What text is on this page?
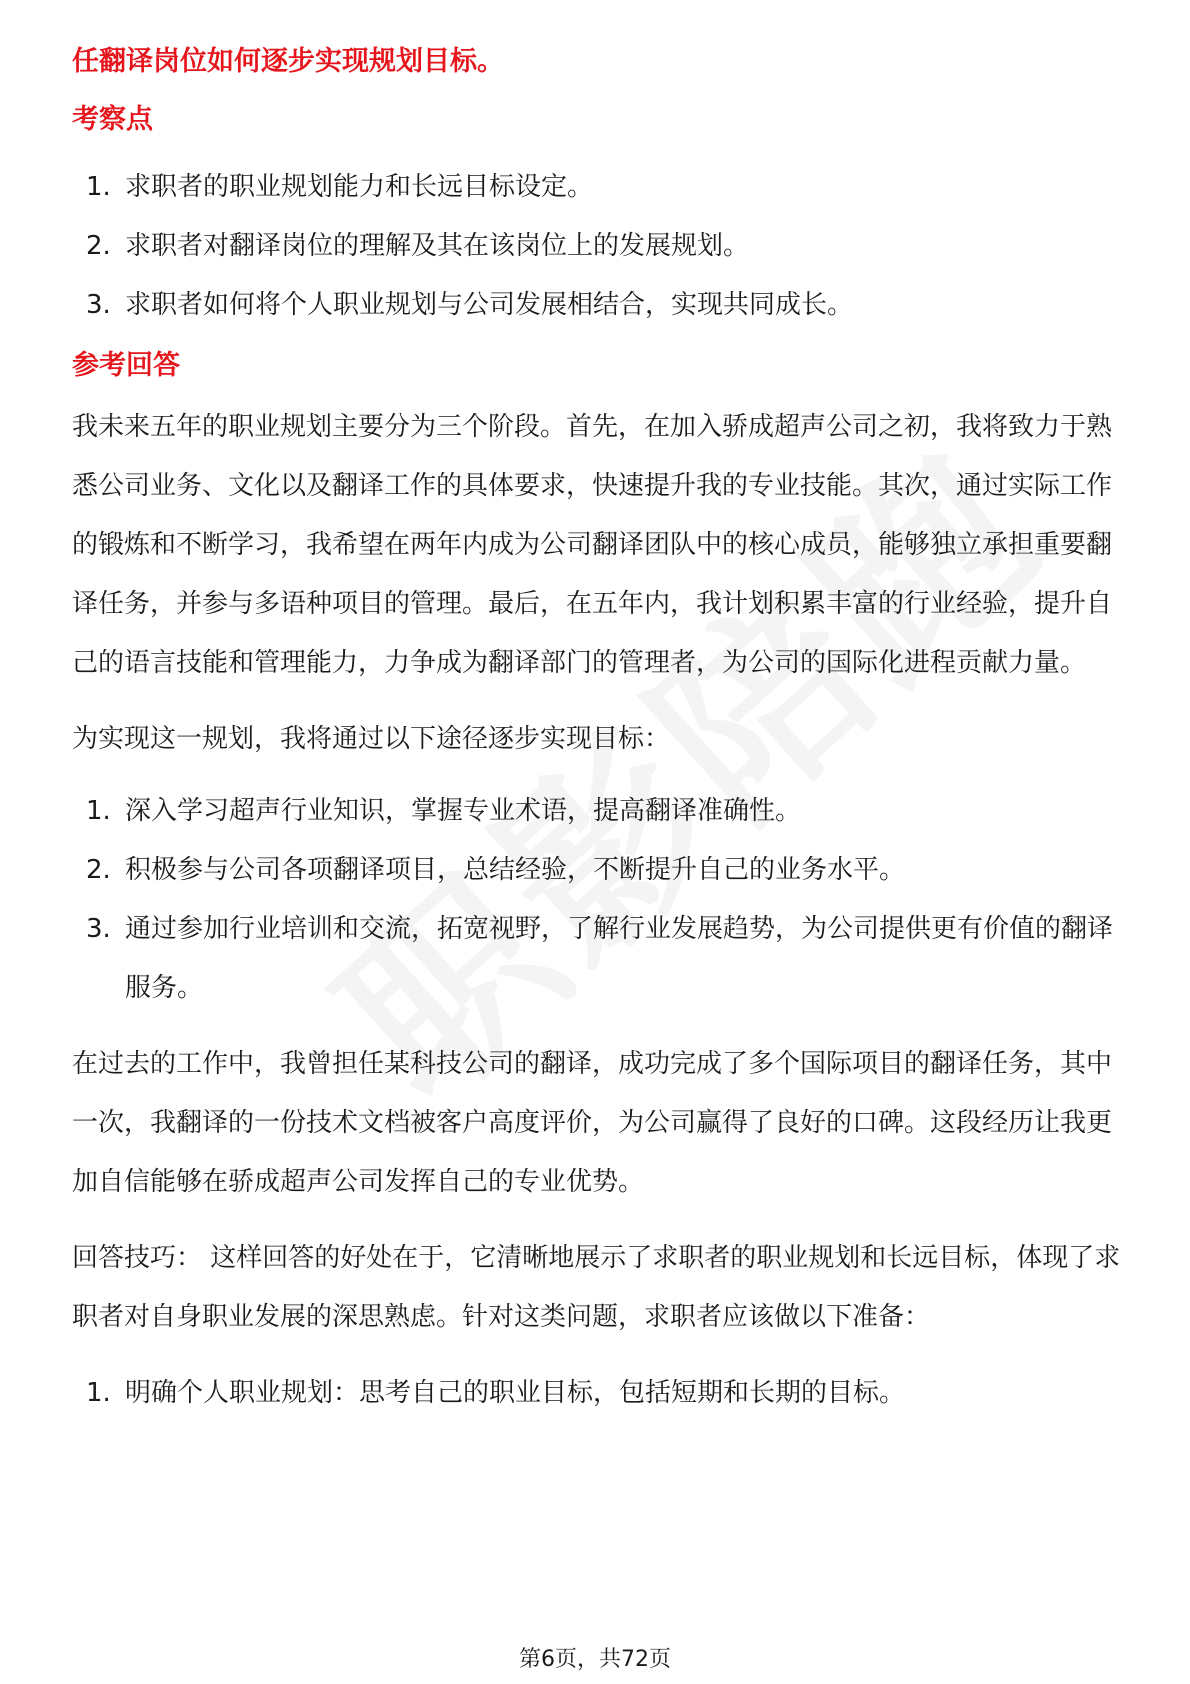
任翻译岗位如何逐步实现规划目标。
考察点
1. 求职者的职业规划能力和长远目标设定。
2. 求职者对翻译岗位的理解及其在该岗位上的发展规划。
3. 求职者如何将个人职业规划与公司发展相结合，实现共同成长。
参考回答

我未来五年的职业规划主要分为三个阶段。首先，在加入骄成超声公司之初，我将致力于熟悉公司业务、文化以及翻译工作的具体要求，快速提升我的专业技能。其次，通过实际工作的锻炼和不断学习，我希望在两年内成为公司翻译团队中的核心成员，能够独立承担重要翻译任务，并参与多语种项目的管理。最后，在五年内，我计划积累丰富的行业经验，提升自己的语言技能和管理能力，力争成为翻译部门的管理者，为公司的国际化进程贡献力量。

为实现这一规划，我将通过以下途径逐步实现目标：

1. 深入学习超声行业知识，掌握专业术语，提高翻译准确性。
2. 积极参与公司各项翻译项目，总结经验，不断提升自己的业务水平。
3. 通过参加行业培训和交流，拓宽视野，了解行业发展趋势，为公司提供更有价值的翻译服务。

在过去的工作中，我曾担任某科技公司的翻译，成功完成了多个国际项目的翻译任务，其中一次，我翻译的一份技术文档被客户高度评价，为公司赢得了良好的口碑。这段经历让我更加自信能够在骄成超声公司发挥自己的专业优势。

回答技巧： 这样回答的好处在于，它清晰地展示了求职者的职业规划和长远目标，体现了求职者对自身职业发展的深思熟虑。针对这类问题，求职者应该做以下准备：

1. 明确个人职业规划：思考自己的职业目标，包括短期和长期的目标。
第6页，共72页
